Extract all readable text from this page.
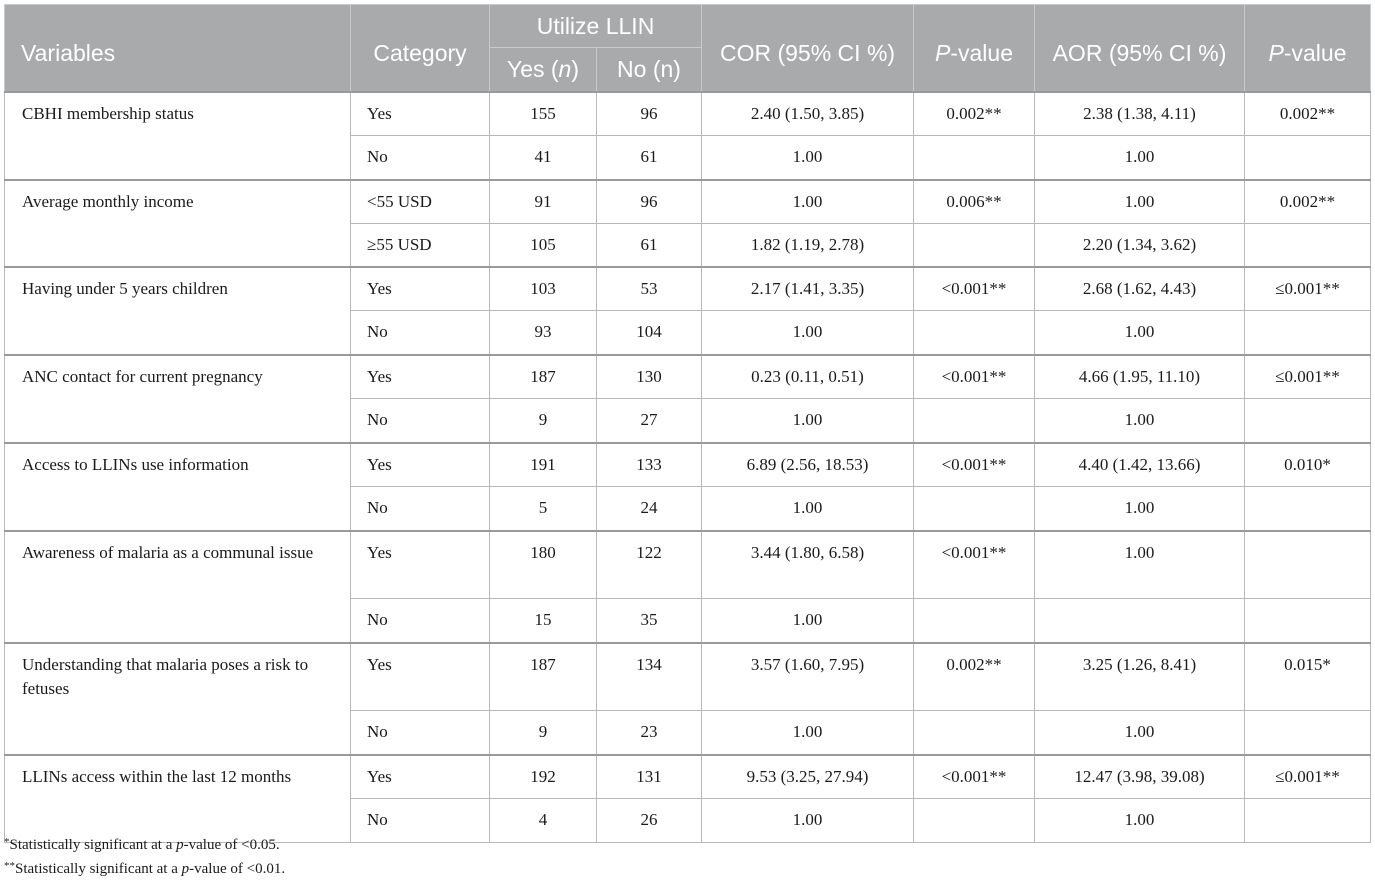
Variables	Category	Utilize LLIN		COR (95% CI %)	P-value	AOR (95% CI %)	P-value
		Yes (n)	No (n)				
CBHI membership status	Yes	155	96	2.40 (1.50, 3.85)	0.002**	2.38 (1.38, 4.11)	0.002**
	No	41	61	1.00		1.00	
Average monthly income	<55 USD	91	96	1.00	0.006**	1.00	0.002**
	≥55 USD	105	61	1.82 (1.19, 2.78)		2.20 (1.34, 3.62)	
Having under 5 years children	Yes	103	53	2.17 (1.41, 3.35)	<0.001**	2.68 (1.62, 4.43)	≤0.001**
	No	93	104	1.00		1.00	
ANC contact for current pregnancy	Yes	187	130	0.23 (0.11, 0.51)	<0.001**	4.66 (1.95, 11.10)	≤0.001**
	No	9	27	1.00		1.00	
Access to LLINs use information	Yes	191	133	6.89 (2.56, 18.53)	<0.001**	4.40 (1.42, 13.66)	0.010*
	No	5	24	1.00		1.00	
Awareness of malaria as a communal issue	Yes	180	122	3.44 (1.80, 6.58)	<0.001**	1.00	
	No	15	35	1.00			
Understanding that malaria poses a risk to fetuses	Yes	187	134	3.57 (1.60, 7.95)	0.002**	3.25 (1.26, 8.41)	0.015*
	No	9	23	1.00		1.00	
LLINs access within the last 12 months	Yes	192	131	9.53 (3.25, 27.94)	<0.001**	12.47 (3.98, 39.08)	≤0.001**
	No	4	26	1.00		1.00	
*Statistically significant at a p-value of <0.05.
**Statistically significant at a p-value of <0.01.
